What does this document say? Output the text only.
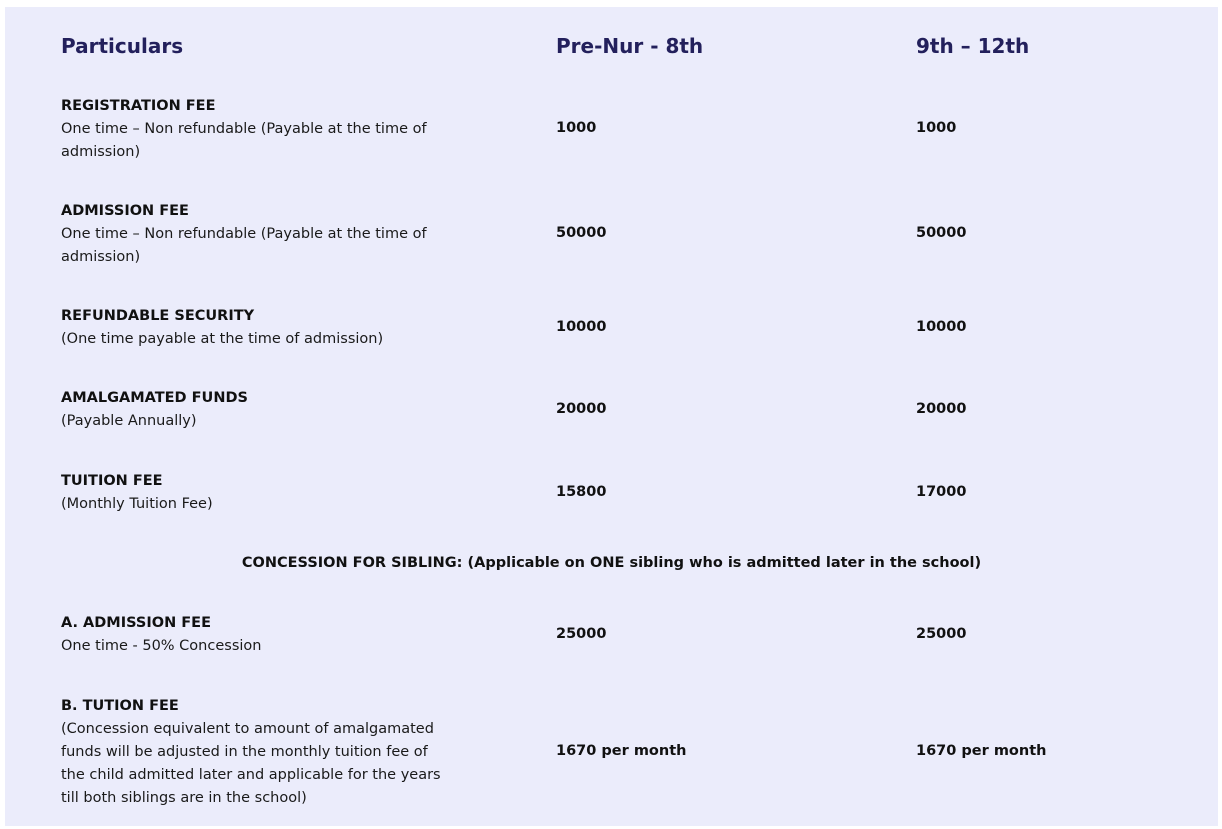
Particulars	Pre-Nur - 8th	9th – 12th
REGISTRATION FEE
One time – Non refundable (Payable at the time of admission)
1000	1000
ADMISSION FEE
One time – Non refundable (Payable at the time of admission)
50000	50000
REFUNDABLE SECURITY
(One time payable at the time of admission)
10000	10000
AMALGAMATED FUNDS
(Payable Annually)
20000	20000
TUITION FEE
(Monthly Tuition Fee)
15800	17000
CONCESSION FOR SIBLING: (Applicable on ONE sibling who is admitted later in the school)
A. ADMISSION FEE
One time - 50% Concession
25000	25000
B. TUTION FEE
(Concession equivalent to amount of amalgamated funds will be adjusted in the monthly tuition fee of the child admitted later and applicable for the years till both siblings are in the school)
1670 per month	1670 per month
